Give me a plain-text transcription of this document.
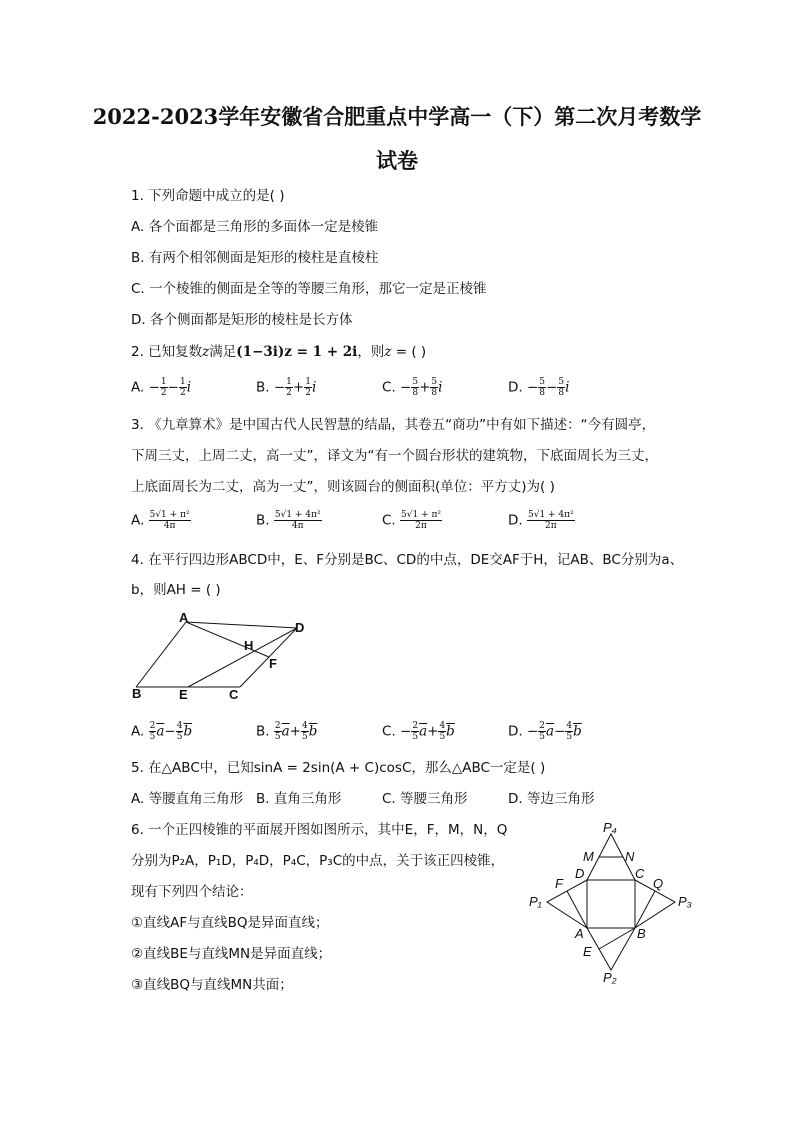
2022-2023学年安徽省合肥重点中学高一（下）第二次月考数学
试卷
1. 下列命题中成立的是( )
A. 各个面都是三角形的多面体一定是棱锥
B. 有两个相邻侧面是矩形的棱柱是直棱柱
C. 一个棱锥的侧面是全等的等腰三角形，那它一定是正棱锥
D. 各个侧面都是矩形的棱柱是长方体
2. 已知复数z满足(1−3i)z = 1 + 2i，则z = ( )
A. − $\frac{1}{2} - \frac{1}{2}$ i	B. − $\frac{1}{2} + \frac{1}{2}$ i	C. − $\frac{5}{8} + \frac{5}{8}$ i	D. − $\frac{5}{8} - \frac{5}{8}$ i
3. 《九章算术》是中国古代人民智慧的结晶，其卷五“商功”中有如下描述：“今有圆亭，
下周三丈，上周二丈，高一丈”，译文为“有一个圆台形状的建筑物，下底面周长为三丈，
上底面周长为二丈，高为一丈”，则该圆台的侧面积(单位：平方丈)为( )
A. $\frac{\text{5√1 + π²}}{4\pi}$	B. $\frac{\text{5√1 + 4π²}}{4\pi}$	C. $\frac{\text{5√1 + π²}}{2\pi}$	D. $\frac{\text{5√1 + 4π²}}{2\pi}$
4. 在平行四边形ABCD中，E、F分别是BC、CD的中点，DE交AF于H，记AB、BC分别为a、
b，则AH = ( )
A
B	E	C
D
H
F
A. $\frac{2}{5} \overline{a}- \frac{4}{5} \overline{b}$	B. $\frac{2}{5} \overline{a}+ \frac{4}{5} \overline{b}$	C. − $\frac{2}{5} \overline{a}+ \frac{4}{5} \overline{b}$	D. − $\frac{2}{5} \overline{a}- \frac{4}{5} \overline{b}$
5. 在△ABC中，已知sinA = 2sin(A + C)cosC，那么△ABC一定是( )
A. 等腰直角三角形 B. 直角三角形	C. 等腰三角形	D. 等边三角形
6. 一个正四棱锥的平面展开图如图所示，其中E，F，M，N，Q
分别为P₂A，P₁D，P₄D，P₄C，P₃C的中点，关于该正四棱锥，
现有下列四个结论：
①直线AF与直线BQ是异面直线；
②直线BE与直线MN是异面直线；
③直线BQ与直线MN共面；
P₄
M N
D	C
F	Q
P₁	P₃
A	B
E
P₂
